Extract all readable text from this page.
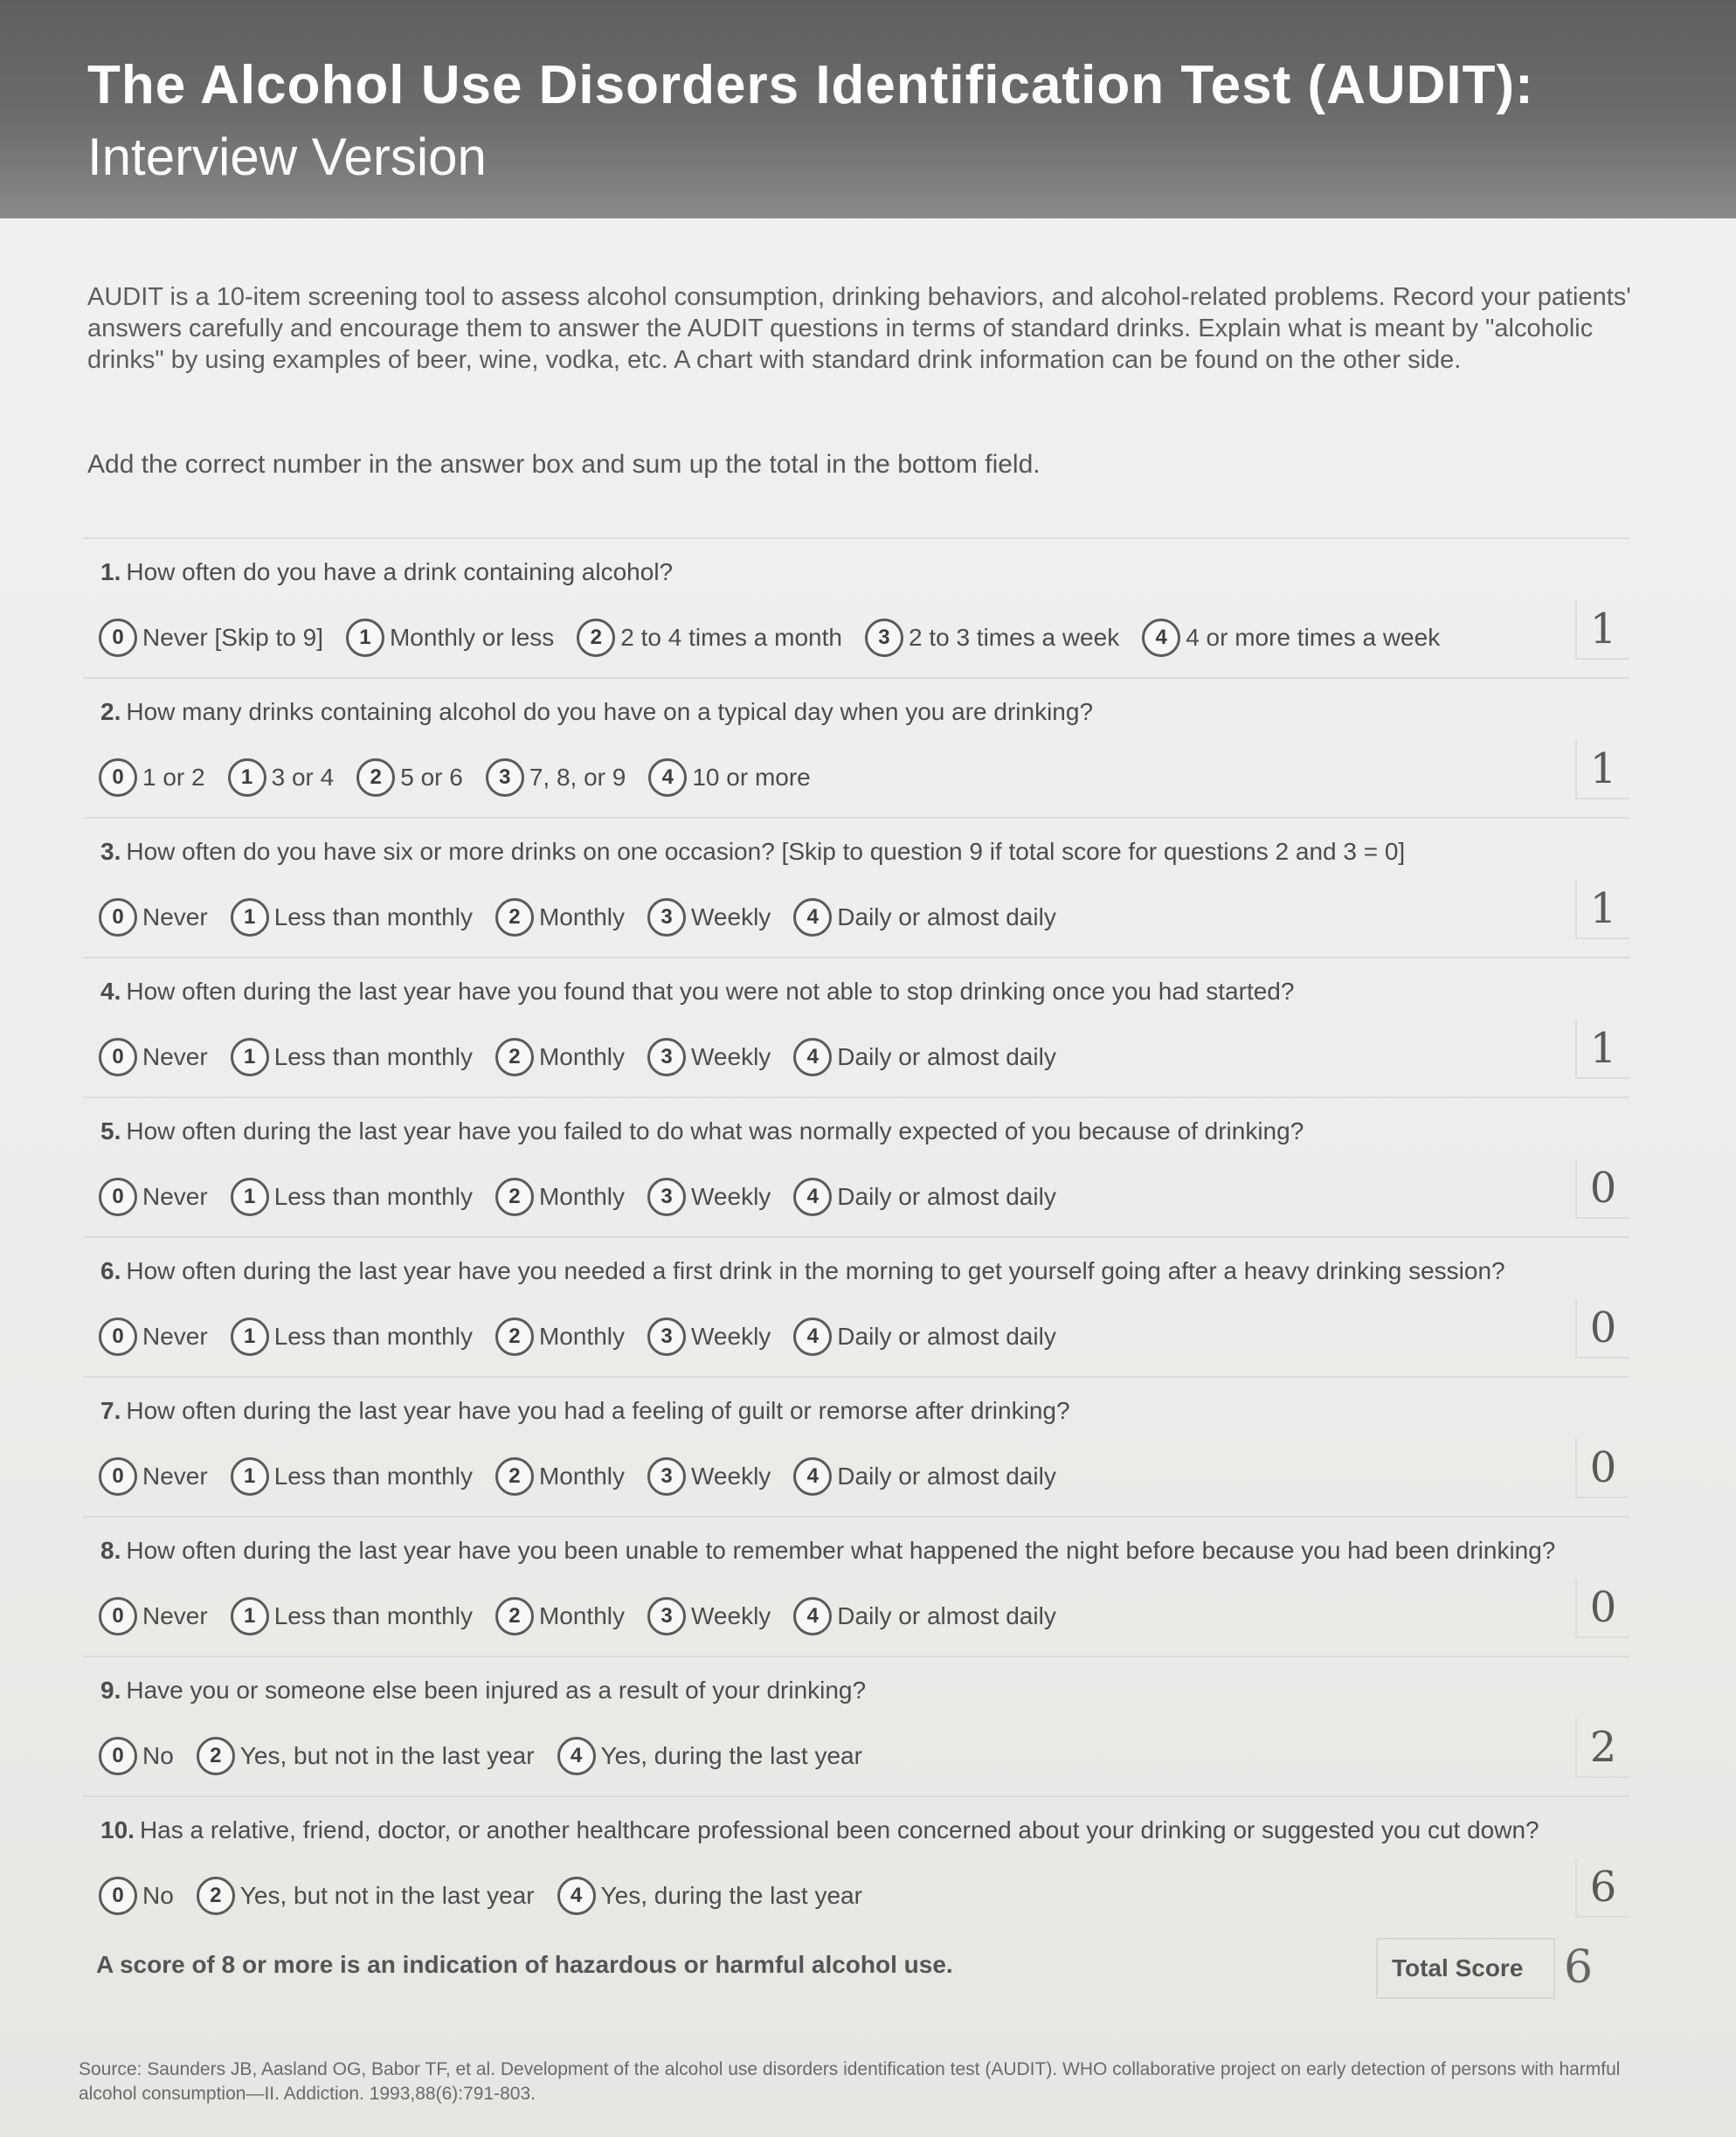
The Alcohol Use Disorders Identification Test (AUDIT):
Interview Version
AUDIT is a 10-item screening tool to assess alcohol consumption, drinking behaviors, and alcohol-related problems. Record your patients' answers carefully and encourage them to answer the AUDIT questions in terms of standard drinks. Explain what is meant by "alcoholic drinks" by using examples of beer, wine, vodka, etc. A chart with standard drink information can be found on the other side.
Add the correct number in the answer box and sum up the total in the bottom field.
1. How often do you have a drink containing alcohol?
0 Never [Skip to 9]	1 Monthly or less	2 2 to 4 times a month	3 2 to 3 times a week	4 4 or more times a week	1
2. How many drinks containing alcohol do you have on a typical day when you are drinking?
0 1 or 2	1 3 or 4	2 5 or 6	3 7, 8, or 9	4 10 or more	1
3. How often do you have six or more drinks on one occasion? [Skip to question 9 if total score for questions 2 and 3 = 0]
0 Never	1 Less than monthly	2 Monthly	3 Weekly	4 Daily or almost daily	1
4. How often during the last year have you found that you were not able to stop drinking once you had started?
0 Never	1 Less than monthly	2 Monthly	3 Weekly	4 Daily or almost daily	1
5. How often during the last year have you failed to do what was normally expected of you because of drinking?
0 Never	1 Less than monthly	2 Monthly	3 Weekly	4 Daily or almost daily	0
6. How often during the last year have you needed a first drink in the morning to get yourself going after a heavy drinking session?
0 Never	1 Less than monthly	2 Monthly	3 Weekly	4 Daily or almost daily	0
7. How often during the last year have you had a feeling of guilt or remorse after drinking?
0 Never	1 Less than monthly	2 Monthly	3 Weekly	4 Daily or almost daily	0
8. How often during the last year have you been unable to remember what happened the night before because you had been drinking?
0 Never	1 Less than monthly	2 Monthly	3 Weekly	4 Daily or almost daily	0
9. Have you or someone else been injured as a result of your drinking?
0 No	2 Yes, but not in the last year	4 Yes, during the last year	2
10. Has a relative, friend, doctor, or another healthcare professional been concerned about your drinking or suggested you cut down?
0 No	2 Yes, but not in the last year	4 Yes, during the last year	6
A score of 8 or more is an indication of hazardous or harmful alcohol use.	Total Score 6
Source: Saunders JB, Aasland OG, Babor TF, et al. Development of the alcohol use disorders identification test (AUDIT). WHO collaborative project on early detection of persons with harmful alcohol consumption—II. Addiction. 1993,88(6):791-803.
